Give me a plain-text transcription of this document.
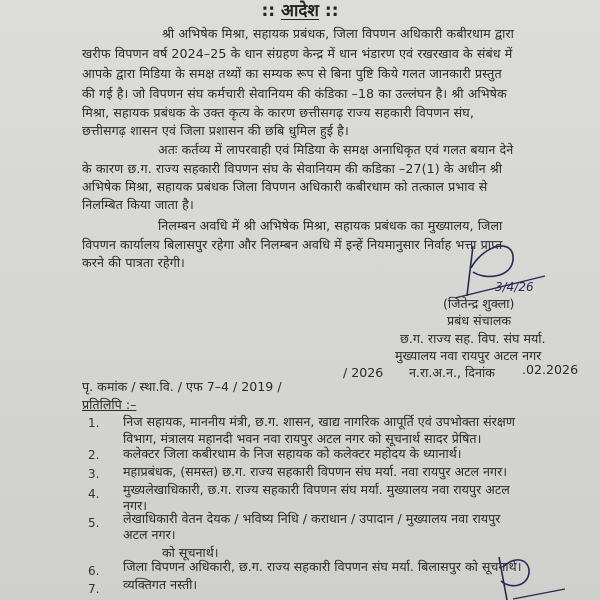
:: आदेश ::
श्री अभिषेक मिश्रा, सहायक प्रबंधक, जिला विपणन अधिकारी कबीरधाम द्वारा
खरीफ विपणन वर्ष 2024–25 के धान संग्रहण केन्द्र में धान भंडारण एवं रखरखाव के संबंध में
आपके द्वारा मिडिया के समक्ष तथ्यों का सम्यक रूप से बिना पुष्टि किये गलत जानकारी प्रस्तुत
की गई है। जो विपणन संघ कर्मचारी सेवानियम की कंडिका –18 का उल्लंघन है। श्री अभिषेक
मिश्रा, सहायक प्रबंधक के उक्त कृत्य के कारण छत्तीसगढ़ राज्य सहकारी विपणन संघ,
छत्तीसगढ़ शासन एवं जिला प्रशासन की छबि धुमिल हुई है।
अतः कर्तव्य में लापरवाही एवं मिडिया के समक्ष अनाधिकृत एवं गलत बयान देने
के कारण छ.ग. राज्य सहकारी विपणन संघ के सेवानियम की कडिका –27(1) के अधीन श्री
अभिषेक मिश्रा, सहायक प्रबंधक जिला विपणन अधिकारी कबीरधाम को तत्काल प्रभाव से
निलम्बित किया जाता है।
निलम्बन अवधि में श्री अभिषेक मिश्रा, सहायक प्रबंधक का मुख्यालय, जिला
विपणन कार्यालय बिलासपुर रहेगा और निलम्बन अवधि में इन्हें नियमानुसार निर्वाह भत्ता प्राप्त
करने की पात्रता रहेगी।
3/4/26
(जितेन्द्र शुक्ला)
प्रबंध संचालक
छ.ग. राज्य सह. विप. संघ मर्या.
मुख्यालय नवा रायपुर अटल नगर
न.रा.अ.न., दिनांक .02.2026
पृ. कमांक / स्था.वि. / एफ 7–4 / 2019 /
/ 2026
प्रतिलिपि :–
1. निज सहायक, माननीय मंत्री, छ.ग. शासन, खाद्य नागरिक आपूर्ति एवं उपभोक्ता संरक्षण
विभाग, मंत्रालय महानदी भवन नवा रायपुर अटल नगर को सूचनार्थ सादर प्रेषित।
2. कलेक्टर जिला कबीरधाम के निज सहायक को कलेक्टर महोदय के ध्यानार्थ।
3. महाप्रबंधक, (समस्त) छ.ग. राज्य सहकारी विपणन संघ मर्या. नवा रायपुर अटल नगर।
4. मुख्यलेखाधिकारी, छ.ग. राज्य सहकारी विपणन संघ मर्या. मुख्यालय नवा रायपुर अटल
नगर।
5. लेखाधिकारी वेतन देयक / भविष्य निधि / कराधान / उपादान / मुख्यालय नवा रायपुर
अटल नगर।
को सूचनार्थ।
6. जिला विपणन अधिकारी, छ.ग. राज्य सहकारी विपणन संघ मर्या. बिलासपुर को सूचनार्थ।
7. व्यक्तिगत नस्ती।
